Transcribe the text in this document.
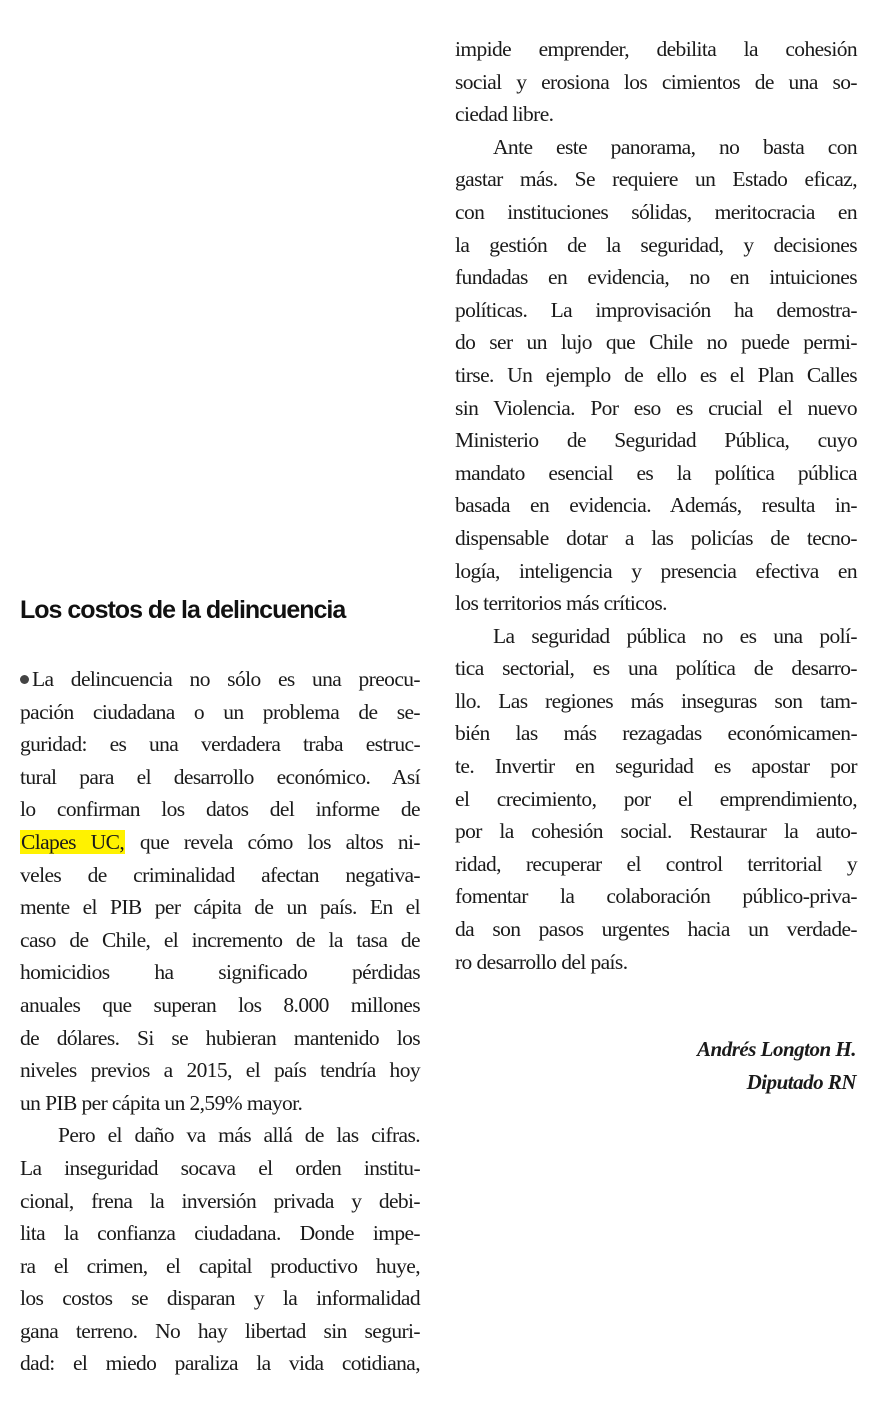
Los costos de la delincuencia
La delincuencia no sólo es una preocu-
pación ciudadana o un problema de se-
guridad: es una verdadera traba estruc-
tural para el desarrollo económico. Así
lo confirman los datos del informe de
Clapes UC, que revela cómo los altos ni-
veles de criminalidad afectan negativa-
mente el PIB per cápita de un país. En el
caso de Chile, el incremento de la tasa de
homicidios ha significado pérdidas
anuales que superan los 8.000 millones
de dólares. Si se hubieran mantenido los
niveles previos a 2015, el país tendría hoy
un PIB per cápita un 2,59% mayor.
Pero el daño va más allá de las cifras.
La inseguridad socava el orden institu-
cional, frena la inversión privada y debi-
lita la confianza ciudadana. Donde impe-
ra el crimen, el capital productivo huye,
los costos se disparan y la informalidad
gana terreno. No hay libertad sin seguri-
dad: el miedo paraliza la vida cotidiana,
impide emprender, debilita la cohesión
social y erosiona los cimientos de una so-
ciedad libre.
Ante este panorama, no basta con
gastar más. Se requiere un Estado eficaz,
con instituciones sólidas, meritocracia en
la gestión de la seguridad, y decisiones
fundadas en evidencia, no en intuiciones
políticas. La improvisación ha demostra-
do ser un lujo que Chile no puede permi-
tirse. Un ejemplo de ello es el Plan Calles
sin Violencia. Por eso es crucial el nuevo
Ministerio de Seguridad Pública, cuyo
mandato esencial es la política pública
basada en evidencia. Además, resulta in-
dispensable dotar a las policías de tecno-
logía, inteligencia y presencia efectiva en
los territorios más críticos.
La seguridad pública no es una polí-
tica sectorial, es una política de desarro-
llo. Las regiones más inseguras son tam-
bién las más rezagadas económicamen-
te. Invertir en seguridad es apostar por
el crecimiento, por el emprendimiento,
por la cohesión social. Restaurar la auto-
ridad, recuperar el control territorial y
fomentar la colaboración público-priva-
da son pasos urgentes hacia un verdade-
ro desarrollo del país.
Andrés Longton H.
Diputado RN
